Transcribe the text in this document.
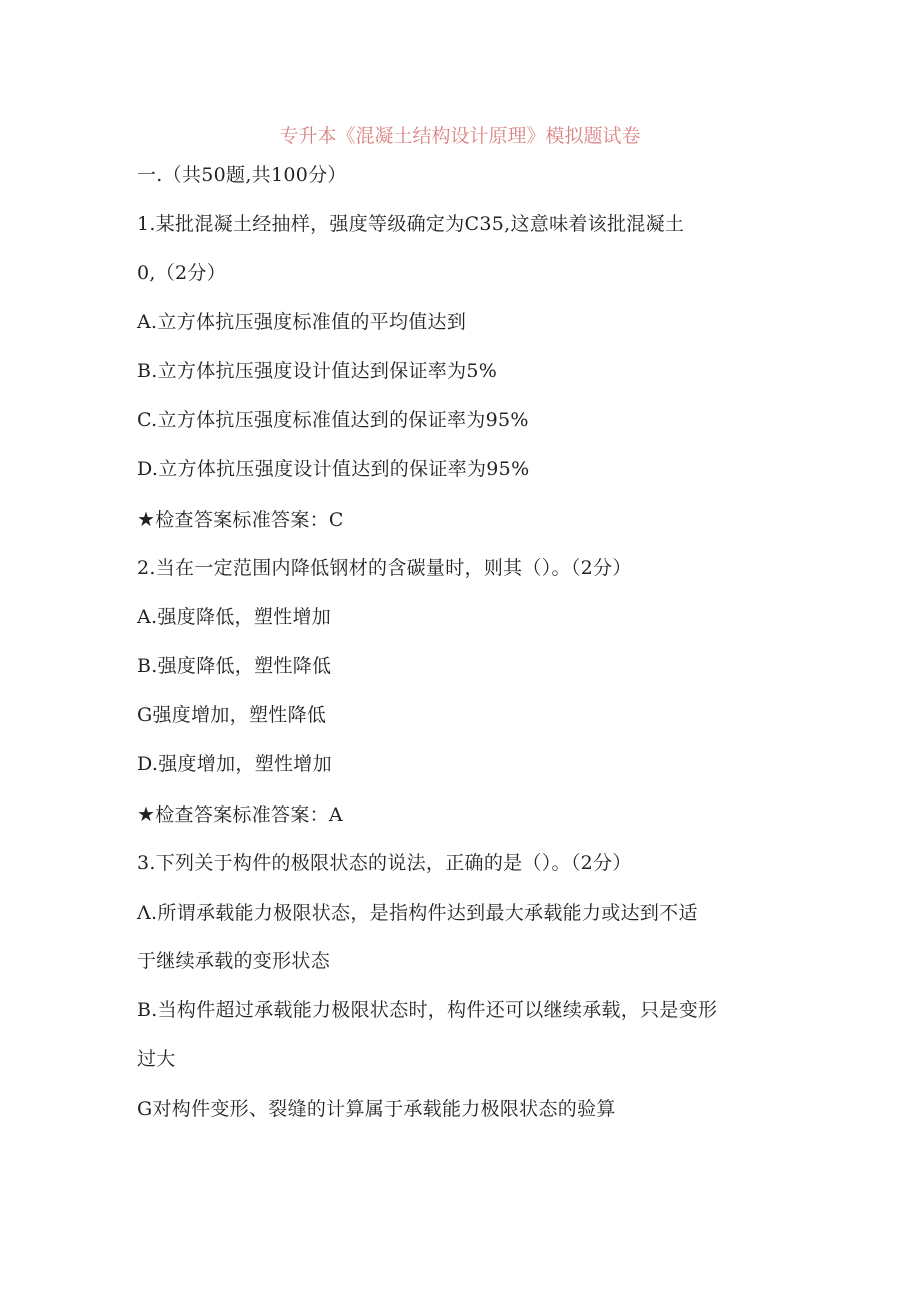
专升本《混凝土结构设计原理》模拟题试卷
一.（共50题,共100分）
1.某批混凝土经抽样，强度等级确定为C35,这意味着该批混凝土
0,（2分）
A.立方体抗压强度标准值的平均值达到
B.立方体抗压强度设计值达到保证率为5%
C.立方体抗压强度标准值达到的保证率为95%
D.立方体抗压强度设计值达到的保证率为95%
★检查答案标准答案：C
2.当在一定范围内降低钢材的含碳量时，则其（）。（2分）
A.强度降低，塑性增加
B.强度降低，塑性降低
G强度增加，塑性降低
D.强度增加，塑性增加
★检查答案标准答案：A
3.下列关于构件的极限状态的说法，正确的是（）。（2分）
Λ.所谓承载能力极限状态，是指构件达到最大承载能力或达到不适
于继续承载的变形状态
B.当构件超过承载能力极限状态时，构件还可以继续承载，只是变形
过大
G对构件变形、裂缝的计算属于承载能力极限状态的验算
